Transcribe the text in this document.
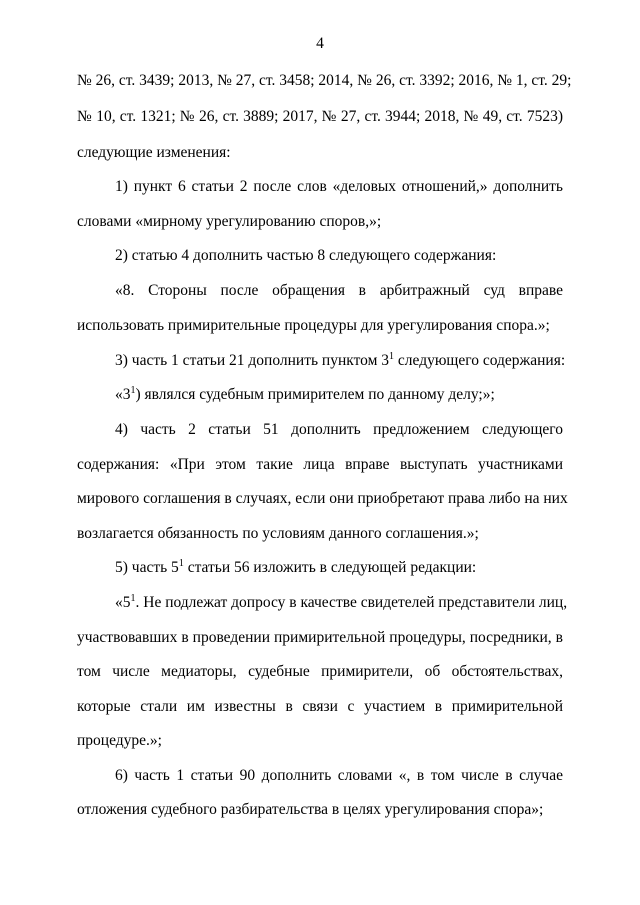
4
№ 26, ст. 3439; 2013, № 27, ст. 3458; 2014, № 26, ст. 3392; 2016, № 1, ст. 29;
№ 10, ст. 1321; № 26, ст. 3889; 2017, № 27, ст. 3944; 2018, № 49, ст. 7523)
следующие изменения:
1) пункт 6 статьи 2 после слов «деловых отношений,» дополнить
словами «мирному урегулированию споров,»;
2) статью 4 дополнить частью 8 следующего содержания:
«8. Стороны после обращения в арбитражный суд вправе
использовать примирительные процедуры для урегулирования спора.»;
3) часть 1 статьи 21 дополнить пунктом $3^1$ следующего содержания:
«$3^1$) являлся судебным примирителем по данному делу;»;
4) часть 2 статьи 51 дополнить предложением следующего
содержания: «При этом такие лица вправе выступать участниками
мирового соглашения в случаях, если они приобретают права либо на них
возлагается обязанность по условиям данного соглашения.»;
5) часть $5^1$ статьи 56 изложить в следующей редакции:
«$5^1$. Не подлежат допросу в качестве свидетелей представители лиц,
участвовавших в проведении примирительной процедуры, посредники, в
том числе медиаторы, судебные примирители, об обстоятельствах,
которые стали им известны в связи с участием в примирительной
процедуре.»;
6) часть 1 статьи 90 дополнить словами «, в том числе в случае
отложения судебного разбирательства в целях урегулирования спора»;
